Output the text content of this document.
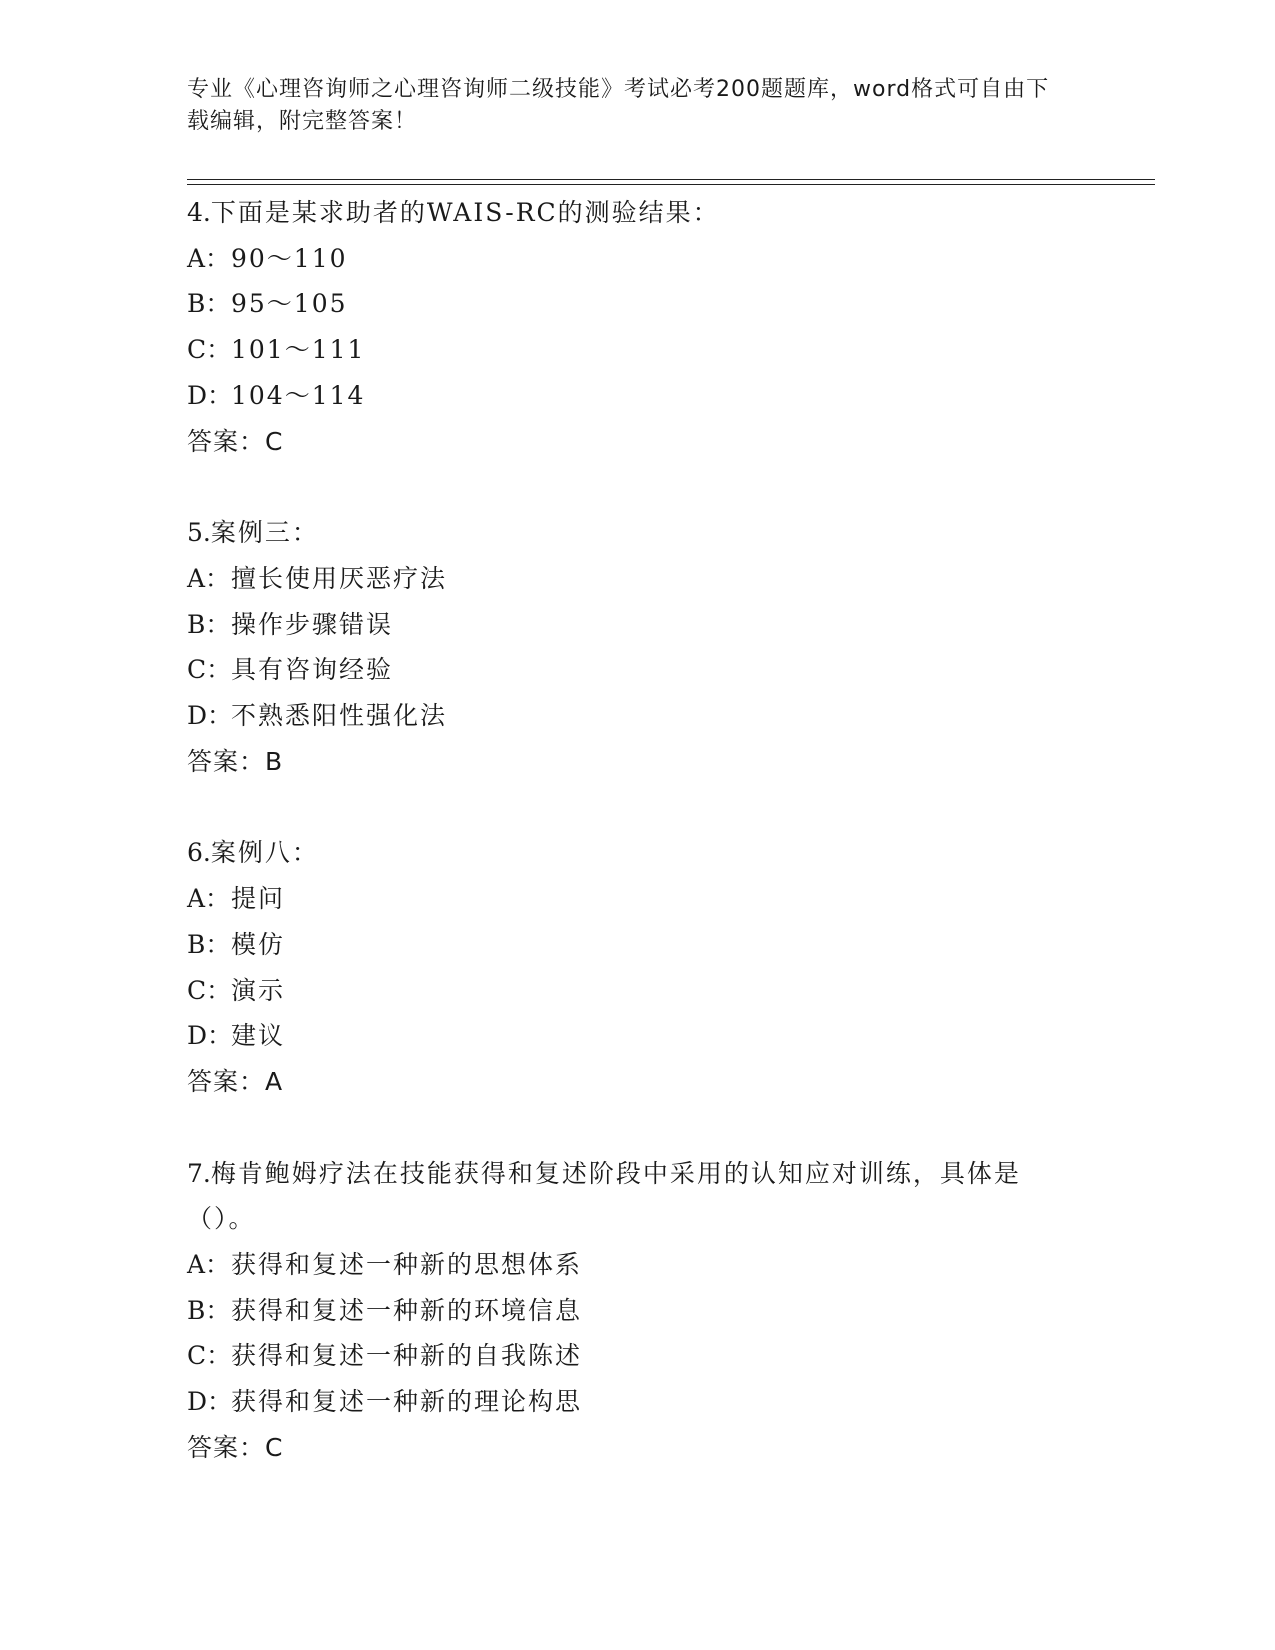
专业《心理咨询师之心理咨询师二级技能》考试必考200题题库，word格式可自由下载编辑，附完整答案！
4.下面是某求助者的WAIS-RC的测验结果：
A：90～110
B：95～105
C：101～111
D：104～114
答案：C
5.案例三：
A：擅长使用厌恶疗法
B：操作步骤错误
C：具有咨询经验
D：不熟悉阳性强化法
答案：B
6.案例八：
A：提问
B：模仿
C：演示
D：建议
答案：A
7.梅肯鲍姆疗法在技能获得和复述阶段中采用的认知应对训练，具体是（）。
A：获得和复述一种新的思想体系
B：获得和复述一种新的环境信息
C：获得和复述一种新的自我陈述
D：获得和复述一种新的理论构思
答案：C
